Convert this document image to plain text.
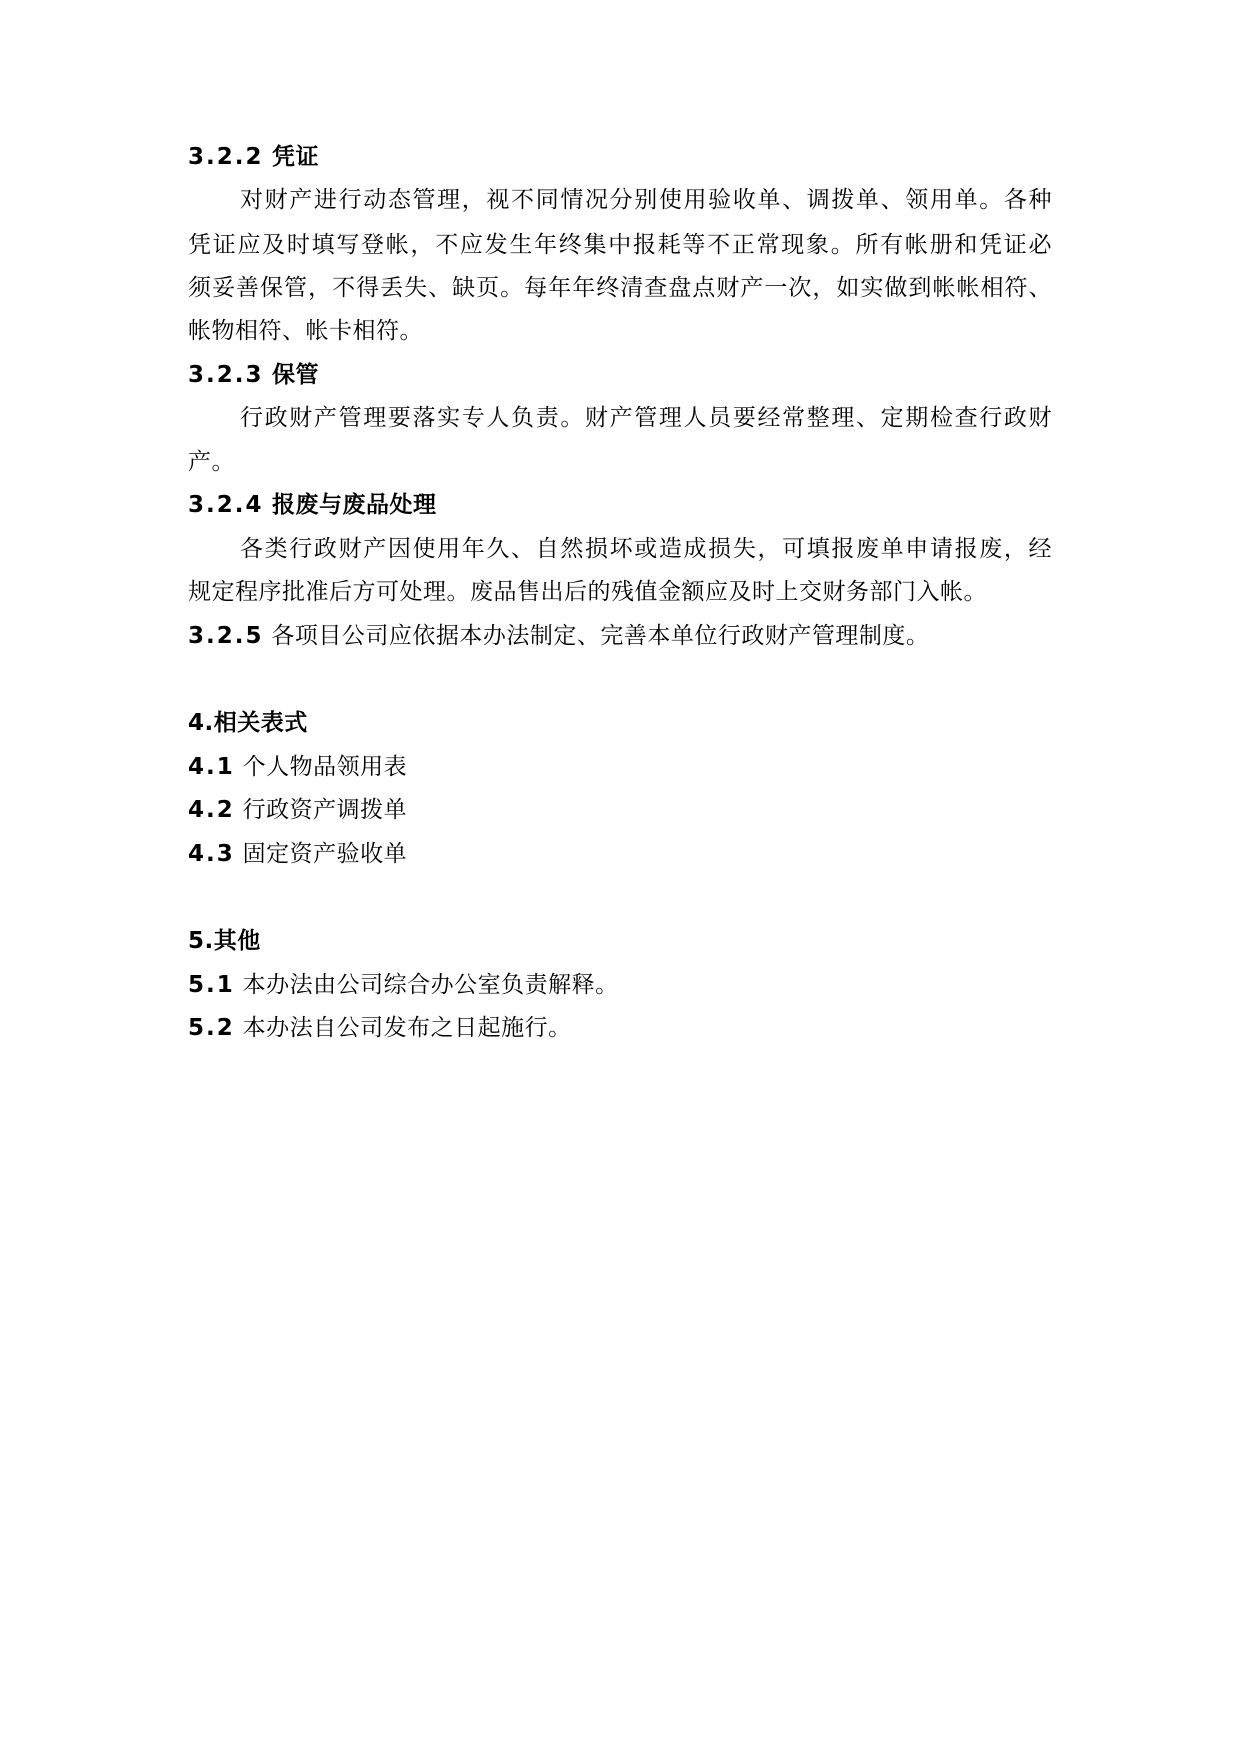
3.2.2 凭证
对财产进行动态管理，视不同情况分别使用验收单、调拨单、领用单。各种
凭证应及时填写登帐，不应发生年终集中报耗等不正常现象。所有帐册和凭证必
须妥善保管，不得丢失、缺页。每年年终清查盘点财产一次，如实做到帐帐相符、
帐物相符、帐卡相符。
3.2.3 保管
行政财产管理要落实专人负责。财产管理人员要经常整理、定期检查行政财
产。
3.2.4 报废与废品处理
各类行政财产因使用年久、自然损坏或造成损失，可填报废单申请报废，经
规定程序批准后方可处理。废品售出后的残值金额应及时上交财务部门入帐。
3.2.5 各项目公司应依据本办法制定、完善本单位行政财产管理制度。
4.相关表式
4.1 个人物品领用表
4.2 行政资产调拨单
4.3 固定资产验收单
5.其他
5.1 本办法由公司综合办公室负责解释。
5.2 本办法自公司发布之日起施行。
